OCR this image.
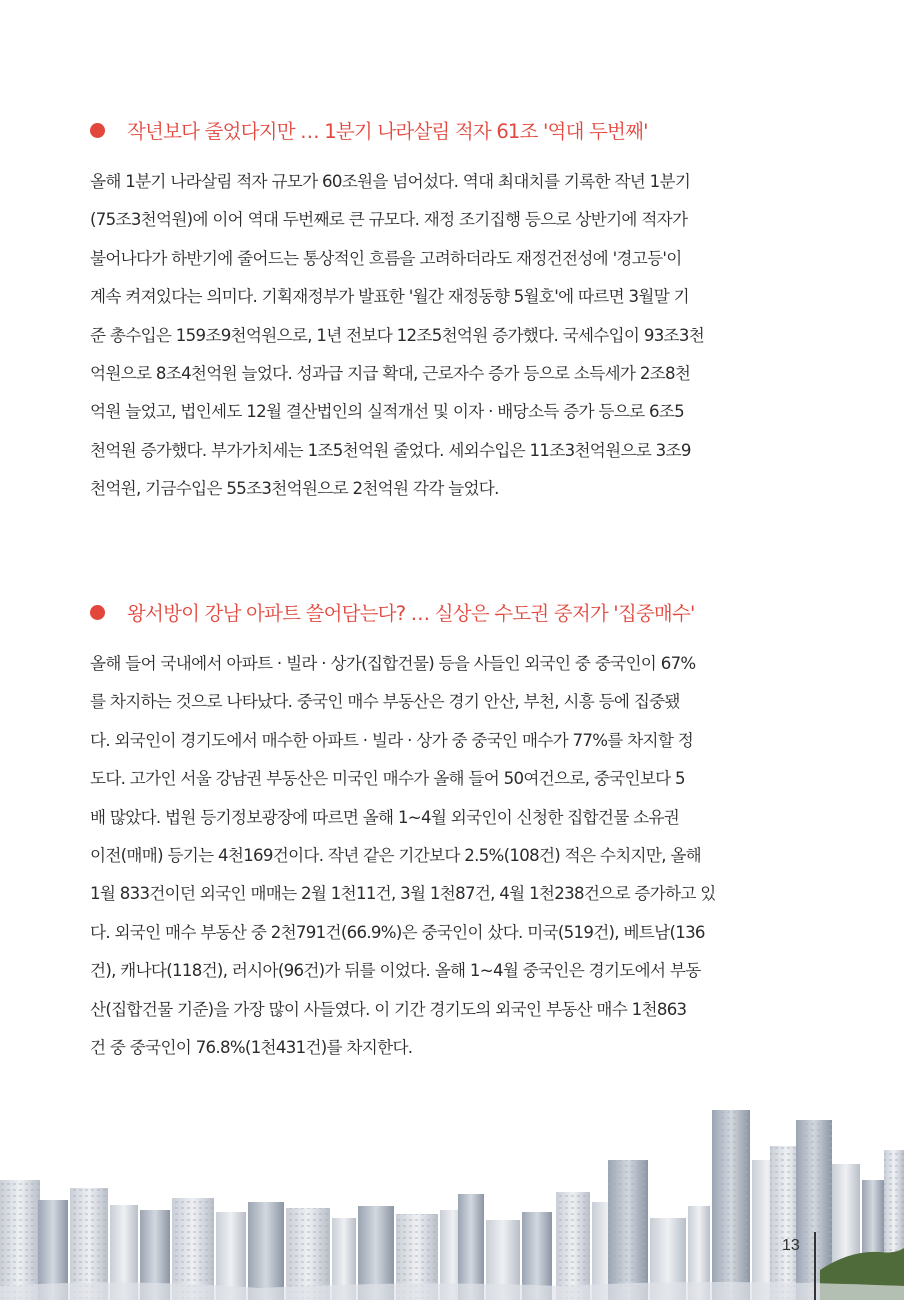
작년보다 줄었다지만 … 1분기 나라살림 적자 61조 '역대 두번째'
올해 1분기 나라살림 적자 규모가 60조원을 넘어섰다. 역대 최대치를 기록한 작년 1분기
(75조3천억원)에 이어 역대 두번째로 큰 규모다. 재정 조기집행 등으로 상반기에 적자가
불어나다가 하반기에 줄어드는 통상적인 흐름을 고려하더라도 재정건전성에 '경고등'이
계속 켜져있다는 의미다. 기획재정부가 발표한 '월간 재정동향 5월호'에 따르면 3월말 기
준 총수입은 159조9천억원으로, 1년 전보다 12조5천억원 증가했다. 국세수입이 93조3천
억원으로 8조4천억원 늘었다. 성과급 지급 확대, 근로자수 증가 등으로 소득세가 2조8천
억원 늘었고, 법인세도 12월 결산법인의 실적개선 및 이자 · 배당소득 증가 등으로 6조5
천억원 증가했다. 부가가치세는 1조5천억원 줄었다. 세외수입은 11조3천억원으로 3조9
천억원, 기금수입은 55조3천억원으로 2천억원 각각 늘었다.
왕서방이 강남 아파트 쓸어담는다? … 실상은 수도권 중저가 '집중매수'
올해 들어 국내에서 아파트 · 빌라 · 상가(집합건물) 등을 사들인 외국인 중 중국인이 67%
를 차지하는 것으로 나타났다. 중국인 매수 부동산은 경기 안산, 부천, 시흥 등에 집중됐
다. 외국인이 경기도에서 매수한 아파트 · 빌라 · 상가 중 중국인 매수가 77%를 차지할 정
도다. 고가인 서울 강남권 부동산은 미국인 매수가 올해 들어 50여건으로, 중국인보다 5
배 많았다. 법원 등기정보광장에 따르면 올해 1~4월 외국인이 신청한 집합건물 소유권
이전(매매) 등기는 4천169건이다. 작년 같은 기간보다 2.5%(108건) 적은 수치지만, 올해
1월 833건이던 외국인 매매는 2월 1천11건, 3월 1천87건, 4월 1천238건으로 증가하고 있
다. 외국인 매수 부동산 중 2천791건(66.9%)은 중국인이 샀다. 미국(519건), 베트남(136
건), 캐나다(118건), 러시아(96건)가 뒤를 이었다. 올해 1~4월 중국인은 경기도에서 부동
산(집합건물 기준)을 가장 많이 사들였다. 이 기간 경기도의 외국인 부동산 매수 1천863
건 중 중국인이 76.8%(1천431건)를 차지한다.
13
